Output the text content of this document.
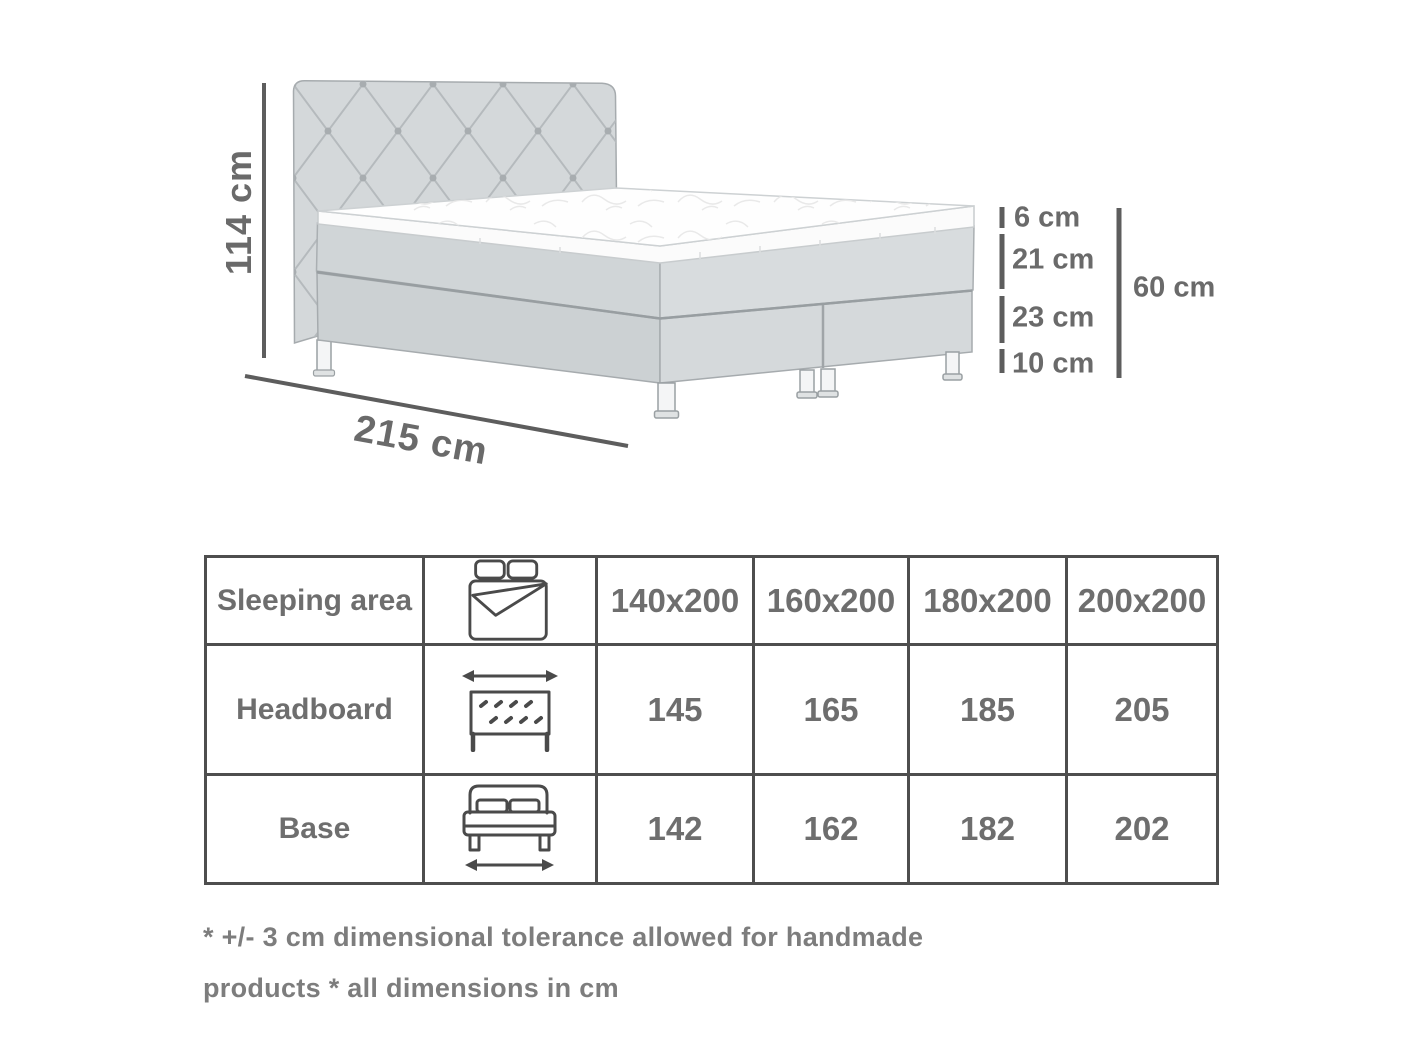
114 cm
215 cm
6 cm
21 cm
23 cm
10 cm
60 cm
Sleeping area		140x200	160x200	180x200	200x200
Headboard		145	165	185	205
Base		142	162	182	202
* +/- 3 cm dimensional tolerance allowed for handmade products * all dimensions in cm
